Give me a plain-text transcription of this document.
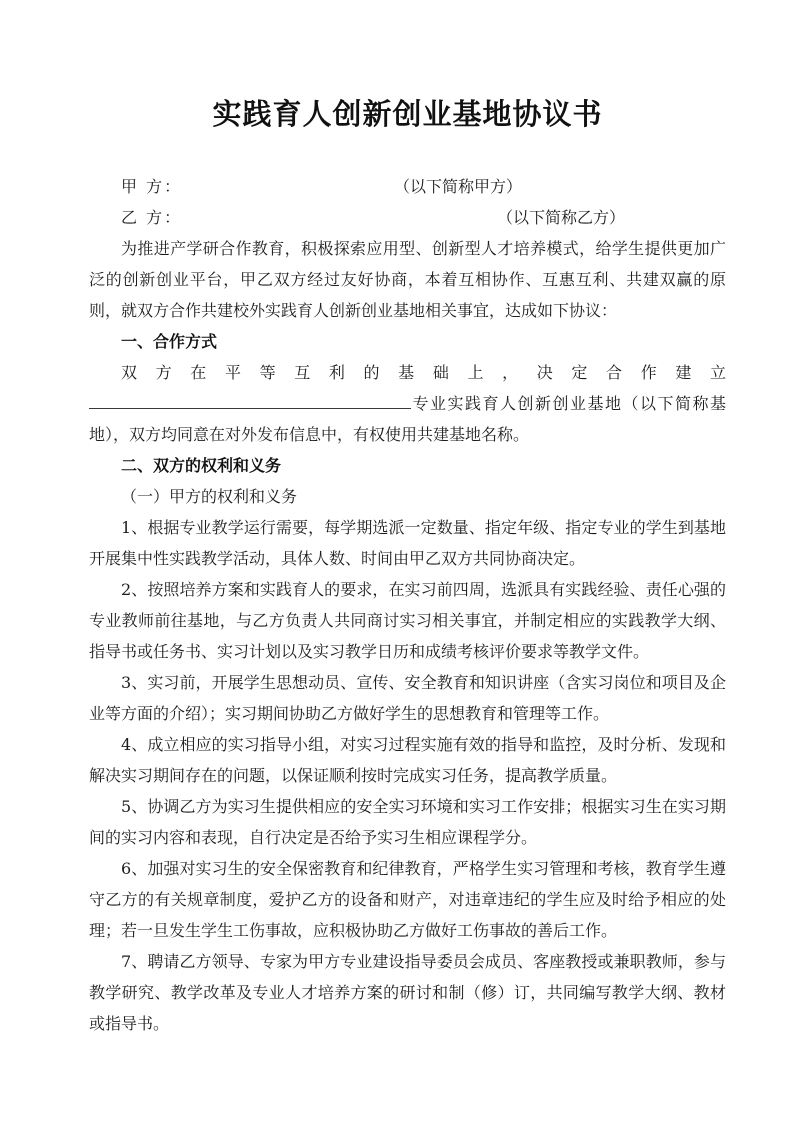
实践育人创新创业基地协议书
甲 方：	（以下简称甲方）
乙 方：	（以下简称乙方）

为推进产学研合作教育，积极探索应用型、创新型人才培养模式，给学生提供更加广泛的创新创业平台，甲乙双方经过友好协商，本着互相协作、互惠互利、共建双赢的原则，就双方合作共建校外实践育人创新创业基地相关事宜，达成如下协议：

一、合作方式

双方在平等互利的基础上，决定合作建立专业实践育人创新创业基地（以下简称基地），双方均同意在对外发布信息中，有权使用共建基地名称。

二、双方的权利和义务

（一）甲方的权利和义务

1、根据专业教学运行需要，每学期选派一定数量、指定年级、指定专业的学生到基地开展集中性实践教学活动，具体人数、时间由甲乙双方共同协商决定。

2、按照培养方案和实践育人的要求，在实习前四周，选派具有实践经验、责任心强的专业教师前往基地，与乙方负责人共同商讨实习相关事宜，并制定相应的实践教学大纲、指导书或任务书、实习计划以及实习教学日历和成绩考核评价要求等教学文件。

3、实习前，开展学生思想动员、宣传、安全教育和知识讲座（含实习岗位和项目及企业等方面的介绍）；实习期间协助乙方做好学生的思想教育和管理等工作。

4、成立相应的实习指导小组，对实习过程实施有效的指导和监控，及时分析、发现和解决实习期间存在的问题，以保证顺利按时完成实习任务，提高教学质量。

5、协调乙方为实习生提供相应的安全实习环境和实习工作安排；根据实习生在实习期间的实习内容和表现，自行决定是否给予实习生相应课程学分。

6、加强对实习生的安全保密教育和纪律教育，严格学生实习管理和考核，教育学生遵守乙方的有关规章制度，爱护乙方的设备和财产，对违章违纪的学生应及时给予相应的处理；若一旦发生学生工伤事故，应积极协助乙方做好工伤事故的善后工作。

7、聘请乙方领导、专家为甲方专业建设指导委员会成员、客座教授或兼职教师，参与教学研究、教学改革及专业人才培养方案的研讨和制（修）订，共同编写教学大纲、教材或指导书。
